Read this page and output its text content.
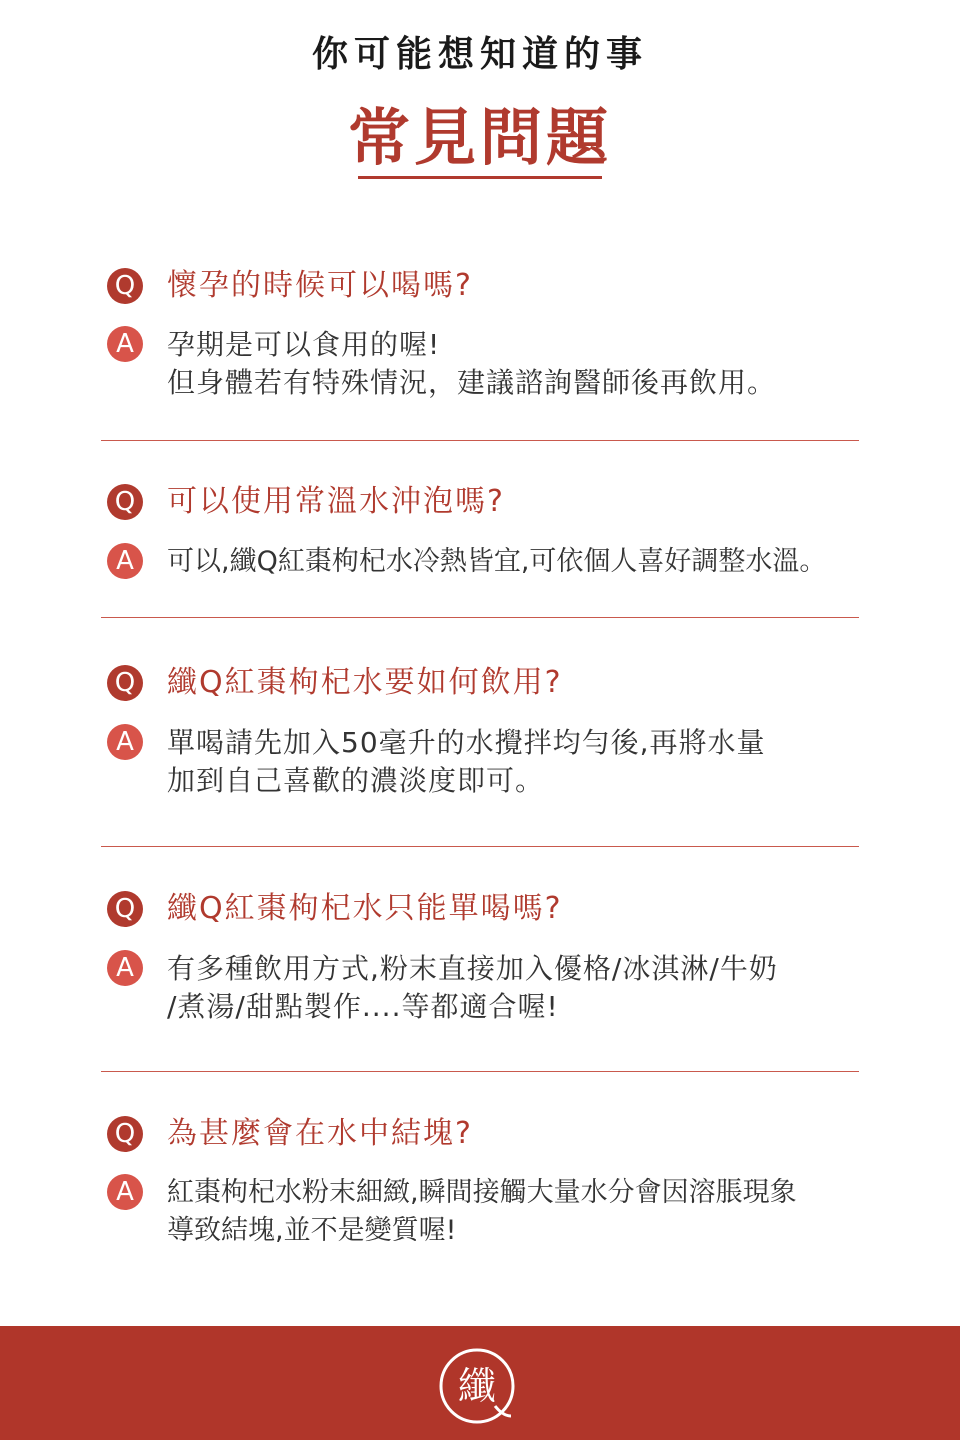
你可能想知道的事
常見問題
Q 懷孕的時候可以喝嗎?
A	孕期是可以食用的喔!
但身體若有特殊情況，建議諮詢醫師後再飲用。
Q 可以使用常溫水沖泡嗎?
A	可以,纖Q紅棗枸杞水冷熱皆宜,可依個人喜好調整水溫。
Q 纖Q紅棗枸杞水要如何飲用?
A	單喝請先加入50毫升的水攪拌均勻後,再將水量
加到自己喜歡的濃淡度即可。
Q 纖Q紅棗枸杞水只能單喝嗎?
A	有多種飲用方式,粉末直接加入優格/冰淇淋/牛奶
/煮湯/甜點製作....等都適合喔!
Q 為甚麼會在水中結塊?
A	紅棗枸杞水粉末細緻,瞬間接觸大量水分會因溶脹現象
導致結塊,並不是變質喔!
纖
